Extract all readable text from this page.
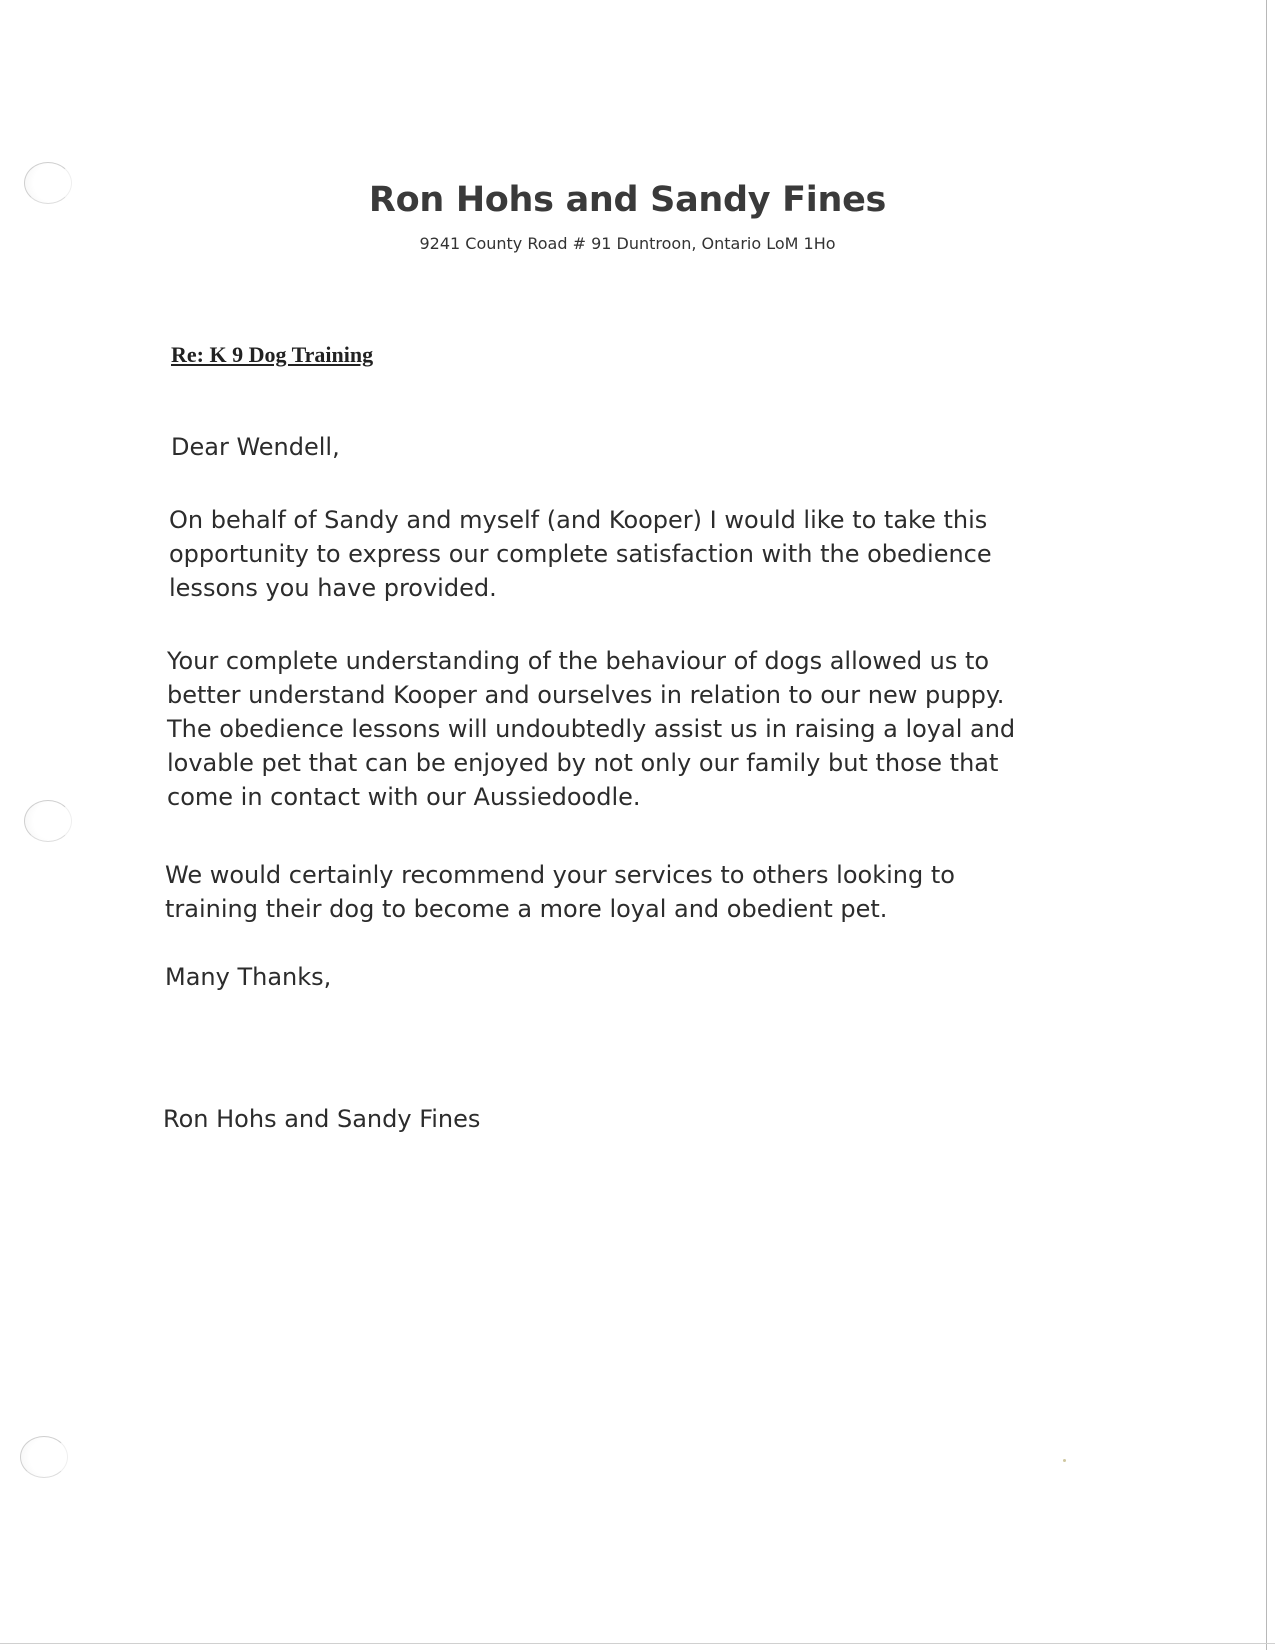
Ron Hohs and Sandy Fines
9241 County Road # 91 Duntroon, Ontario LoM 1Ho
Re: K 9 Dog Training
Dear Wendell,
On behalf of Sandy and myself (and Kooper) I would like to take this
opportunity to express our complete satisfaction with the obedience
lessons you have provided.
Your complete understanding of the behaviour of dogs allowed us to
better understand Kooper and ourselves in relation to our new puppy.
The obedience lessons will undoubtedly assist us in raising a loyal and
lovable pet that can be enjoyed by not only our family but those that
come in contact with our Aussiedoodle.
We would certainly recommend your services to others looking to
training their dog to become a more loyal and obedient pet.
Many Thanks,
Ron Hohs and Sandy Fines
